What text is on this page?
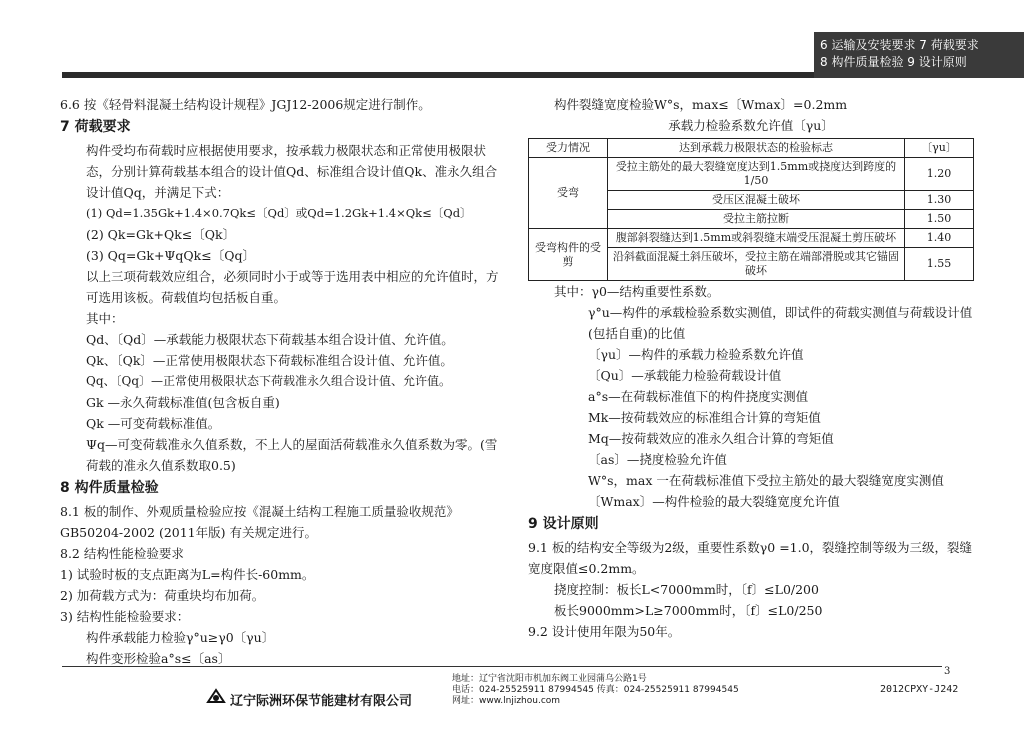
6 运输及安装要求 7 荷载要求
8 构件质量检验 9 设计原则

6.6 按《轻骨料混凝土结构设计规程》JGJ12-2006规定进行制作。

7 荷载要求

构件受均布荷载时应根据使用要求，按承载力极限状态和正常使用极限状态，分别计算荷载基本组合的设计值Qd、标准组合设计值Qk、准永久组合设计值Qq，并满足下式：

(1) Qd=1.35Gk+1.4×0.7Qk≤〔Qd〕或Qd=1.2Gk+1.4×Qk≤〔Qd〕

(2) Qk=Gk+Qk≤〔Qk〕

(3) Qq=Gk+ΨqQk≤〔Qq〕

以上三项荷载效应组合，必须同时小于或等于选用表中相应的允许值时，方可选用该板。荷载值均包括板自重。

其中：

Qd、〔Qd〕—承载能力极限状态下荷载基本组合设计值、允许值。

Qk、〔Qk〕—正常使用极限状态下荷载标准组合设计值、允许值。

Qq、〔Qq〕—正常使用极限状态下荷载准永久组合设计值、允许值。

Gk —永久荷载标准值(包含板自重)

Qk —可变荷载标准值。

Ψq—可变荷载准永久值系数，不上人的屋面活荷载准永久值系数为零。(雪荷载的准永久值系数取0.5)

8 构件质量检验

8.1 板的制作、外观质量检验应按《混凝土结构工程施工质量验收规范》GB50204-2002 (2011年版) 有关规定进行。

8.2 结构性能检验要求

1) 试验时板的支点距离为L=构件长-60mm。

2) 加荷载方式为：荷重块均布加荷。

3) 结构性能检验要求：

构件承载能力检验γ°u≥γ0〔γu〕

构件变形检验a°s≤〔as〕

构件裂缝宽度检验W°s，max≤〔Wmax〕=0.2mm

承载力检验系数允许值〔γu〕

受力情况	达到承载力极限状态的检验标志	〔γu〕
受弯	受拉主筋处的最大裂缝宽度达到1.5mm或挠度达到跨度的1/50	1.20
	受压区混凝土破坏	1.30
	受拉主筋拉断	1.50
受弯构件的受剪	腹部斜裂缝达到1.5mm或斜裂缝末端受压混凝土剪压破坏	1.40
	沿斜截面混凝土斜压破坏，受拉主筋在端部滑脱或其它锚固破坏	1.55

其中：γ0—结构重要性系数。

γ°u—构件的承载检验系数实测值，即试件的荷载实测值与荷载设计值(包括自重)的比值

〔γu〕—构件的承载力检验系数允许值

〔Qu〕—承载能力检验荷载设计值

a°s—在荷载标准值下的构件挠度实测值

Mk—按荷载效应的标准组合计算的弯矩值

Mq—按荷载效应的准永久组合计算的弯矩值

〔as〕—挠度检验允许值

W°s，max 一在荷载标准值下受拉主筋处的最大裂缝宽度实测值

〔Wmax〕—构件检验的最大裂缝宽度允许值

9 设计原则

9.1 板的结构安全等级为2级，重要性系数γ0 =1.0，裂缝控制等级为三级，裂缝宽度限值≤0.2mm。

挠度控制：板长L<7000mm时，〔f〕≤L0/200

板长9000mm>L≥7000mm时，〔f〕≤L0/250

9.2 设计使用年限为50年。

3
辽宁际洲环保节能建材有限公司
地址：辽宁省沈阳市机加东阀工业园蒲乌公路1号
电话：024-25525911 87994545 传真：024-25525911 87994545
网址：www.lnjizhou.com
2012CPXY-J242
